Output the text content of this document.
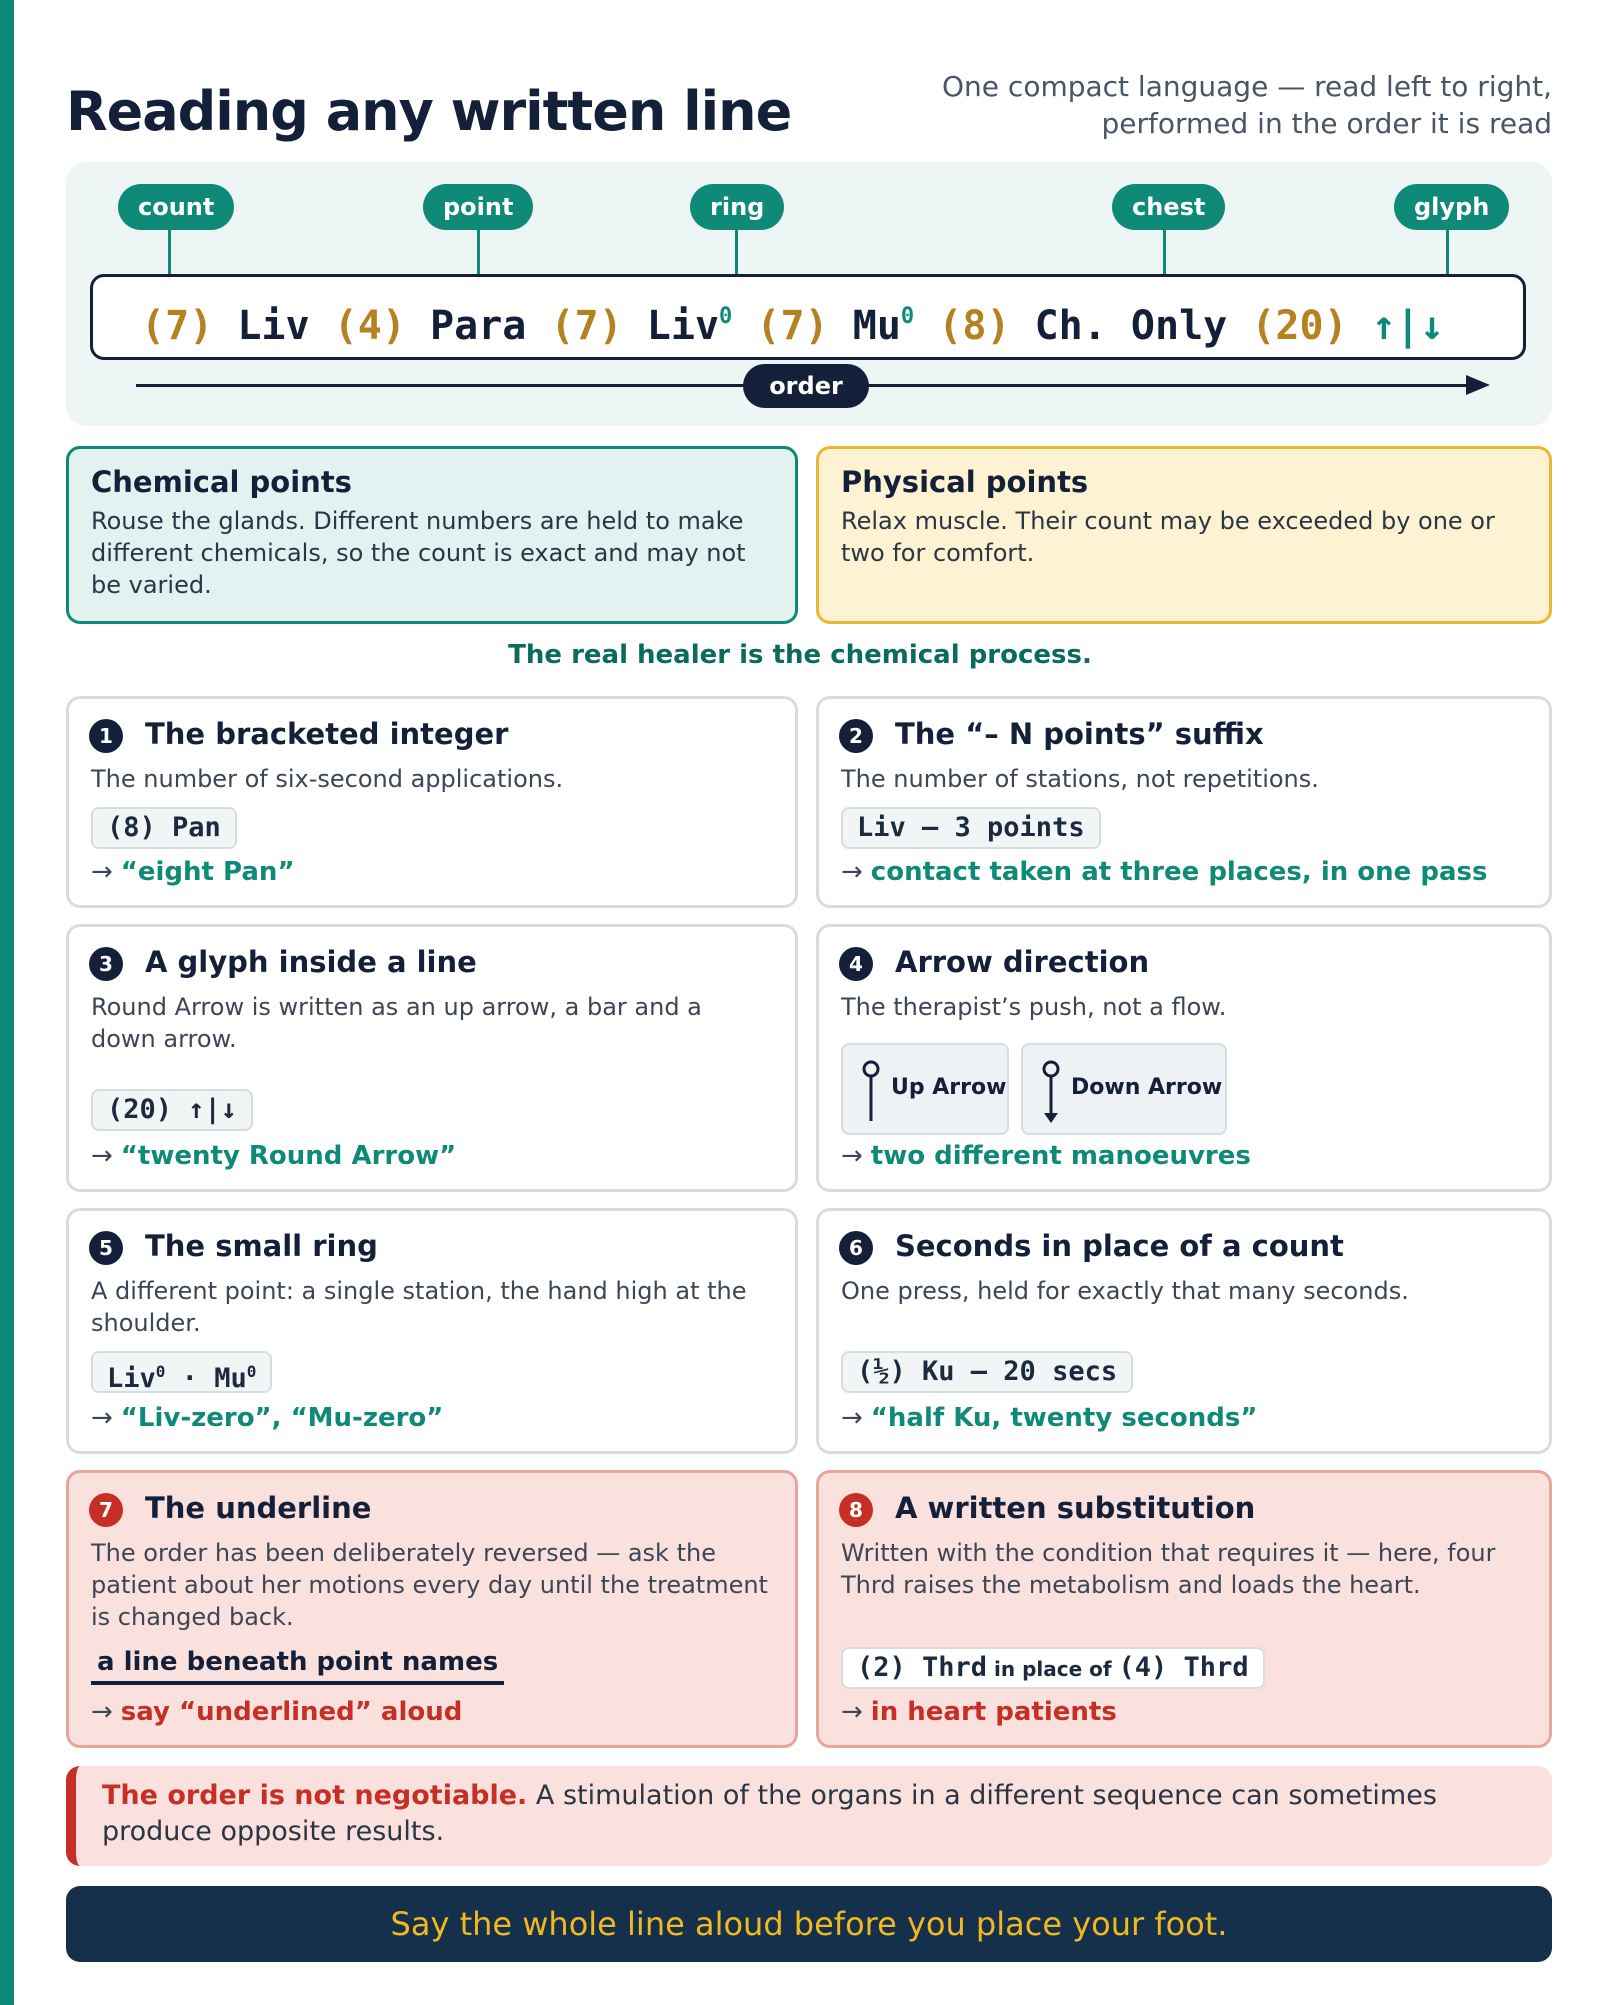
Reading any written line	One compact language — read left to right,
performed in the order it is read
count	point	ring	chest	glyph
(7) Liv (4) Para (7) Liv$^0$ (7) Mu$^0$ (8) Ch. Only (20) ↑|↓
order
Chemical points

Rouse the glands. Different numbers are held to make different chemicals, so the count is exact and may not be varied.

Physical points

Relax muscle. Their count may be exceeded by one or two for comfort.

The real healer is the chemical process.
1	The bracketed integer
The number of six-second applications.
(8) Pan
→ “eight Pan”
2	The “– N points” suffix
The number of stations, not repetitions.
Liv – 3 points
→ contact taken at three places, in one pass
3	A glyph inside a line
Round Arrow is written as an up arrow, a bar and a down arrow.
(20) ↑|↓
→ “twenty Round Arrow”
4	Arrow direction
The therapist’s push, not a flow.
Up Arrow	Down Arrow
→ two different manoeuvres
5	The small ring
A different point: a single station, the hand high at the shoulder.
$Liv^0 \cdot Mu^0$
→ “Liv-zero”, “Mu-zero”
6	Seconds in place of a count
One press, held for exactly that many seconds.
(½) Ku – 20 secs
→ “half Ku, twenty seconds”
7	The underline
The order has been deliberately reversed — ask the patient about her motions every day until the treatment is changed back.
a line beneath point names
→ say “underlined” aloud
8	A written substitution
Written with the condition that requires it — here, four Thrd raises the metabolism and loads the heart.
(2) Thrd in place of (4) Thrd
→ in heart patients
The order is not negotiable. A stimulation of the organs in a different sequence can sometimes produce opposite results.
Say the whole line aloud before you place your foot.
